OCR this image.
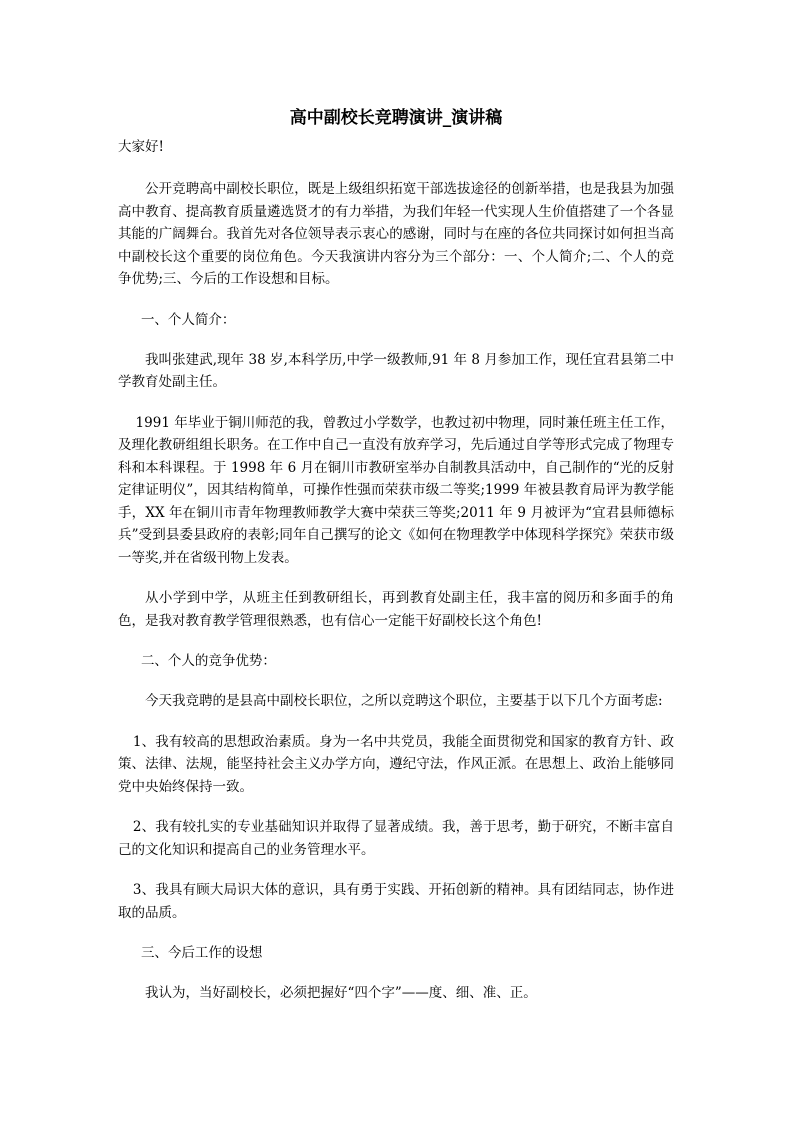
高中副校长竞聘演讲_演讲稿
大家好!

公开竞聘高中副校长职位，既是上级组织拓宽干部选拔途径的创新举措，也是我县为加强高中教育、提高教育质量遴选贤才的有力举措，为我们年轻一代实现人生价值搭建了一个各显其能的广阔舞台。我首先对各位领导表示衷心的感谢，同时与在座的各位共同探讨如何担当高中副校长这个重要的岗位角色。今天我演讲内容分为三个部分：一、个人简介;二、个人的竞争优势;三、今后的工作设想和目标。

一、个人简介：

我叫张建武,现年 38 岁,本科学历,中学一级教师,91 年 8 月参加工作，现任宜君县第二中学教育处副主任。

1991 年毕业于铜川师范的我，曾教过小学数学，也教过初中物理，同时兼任班主任工作，及理化教研组组长职务。在工作中自己一直没有放弃学习，先后通过自学等形式完成了物理专科和本科课程。于 1998 年 6 月在铜川市教研室举办自制教具活动中，自己制作的“光的反射定律证明仪”，因其结构简单，可操作性强而荣获市级二等奖;1999 年被县教育局评为教学能手，XX 年在铜川市青年物理教师教学大赛中荣获三等奖;2011 年 9 月被评为“宜君县师德标兵”受到县委县政府的表彰;同年自己撰写的论文《如何在物理教学中体现科学探究》荣获市级一等奖,并在省级刊物上发表。

从小学到中学，从班主任到教研组长，再到教育处副主任，我丰富的阅历和多面手的角色，是我对教育教学管理很熟悉，也有信心一定能干好副校长这个角色!

二、个人的竞争优势：

今天我竞聘的是县高中副校长职位，之所以竞聘这个职位，主要基于以下几个方面考虑:

1、我有较高的思想政治素质。身为一名中共党员，我能全面贯彻党和国家的教育方针、政策、法律、法规，能坚持社会主义办学方向，遵纪守法，作风正派。在思想上、政治上能够同党中央始终保持一致。

2、我有较扎实的专业基础知识并取得了显著成绩。我，善于思考，勤于研究，不断丰富自己的文化知识和提高自己的业务管理水平。

3、我具有顾大局识大体的意识，具有勇于实践、开拓创新的精神。具有团结同志，协作进取的品质。

三、今后工作的设想

我认为，当好副校长，必须把握好“四个字”——度、细、准、正。
